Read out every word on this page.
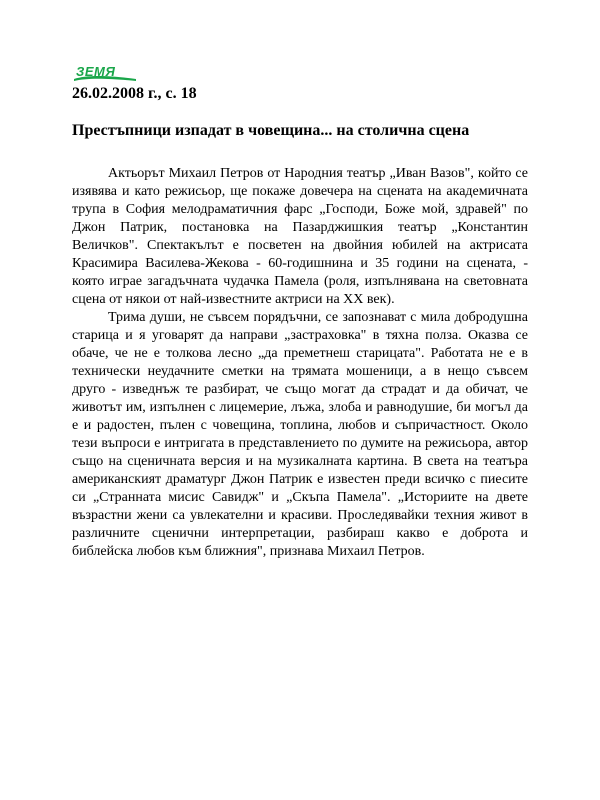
ЗЕМЯ
26.02.2008 г., с. 18
Престъпници изпадат в човещина... на столична сцена

Актьорът Михаил Петров от Народния театър „Иван Вазов", който се изявява и като режисьор, ще покаже довечера на сцената на академичната трупа в София мелодраматичния фарс „Господи, Боже мой, здравей" по Джон Патрик, постановка на Пазарджишкия театър „Константин Величков". Спектакълът е посветен на двойния юбилей на актрисата Красимира Василева-Жекова - 60-годишнина и 35 години на сцената, - която играе загадъчната чудачка Памела (роля, изпълнявана на световната сцена от някои от най-известните актриси на ХХ век).

Трима души, не съвсем порядъчни, се запознават с мила добродушна старица и я уговарят да направи „застраховка" в тяхна полза. Оказва се обаче, че не е толкова лесно „да преметнеш старицата". Работата не е в технически неудачните сметки на трямата мошеници, а в нещо съвсем друго - изведнъж те разбират, че също могат да страдат и да обичат, че животът им, изпълнен с лицемерие, лъжа, злоба и равнодушие, би могъл да е и радостен, пълен с човещина, топлина, любов и съпричастност. Около тези въпроси е интригата в представлението по думите на режисьора, автор също на сценичната версия и на музикалната картина. В света на театъра американският драматург Джон Патрик е известен преди всичко с пиесите си „Странната мисис Савидж" и „Скъпа Памела". „Историите на двете възрастни жени са увлекателни и красиви. Проследявайки техния живот в различните сценични интерпретации, разбираш какво е доброта и библейска любов към ближния", признава Михаил Петров.
